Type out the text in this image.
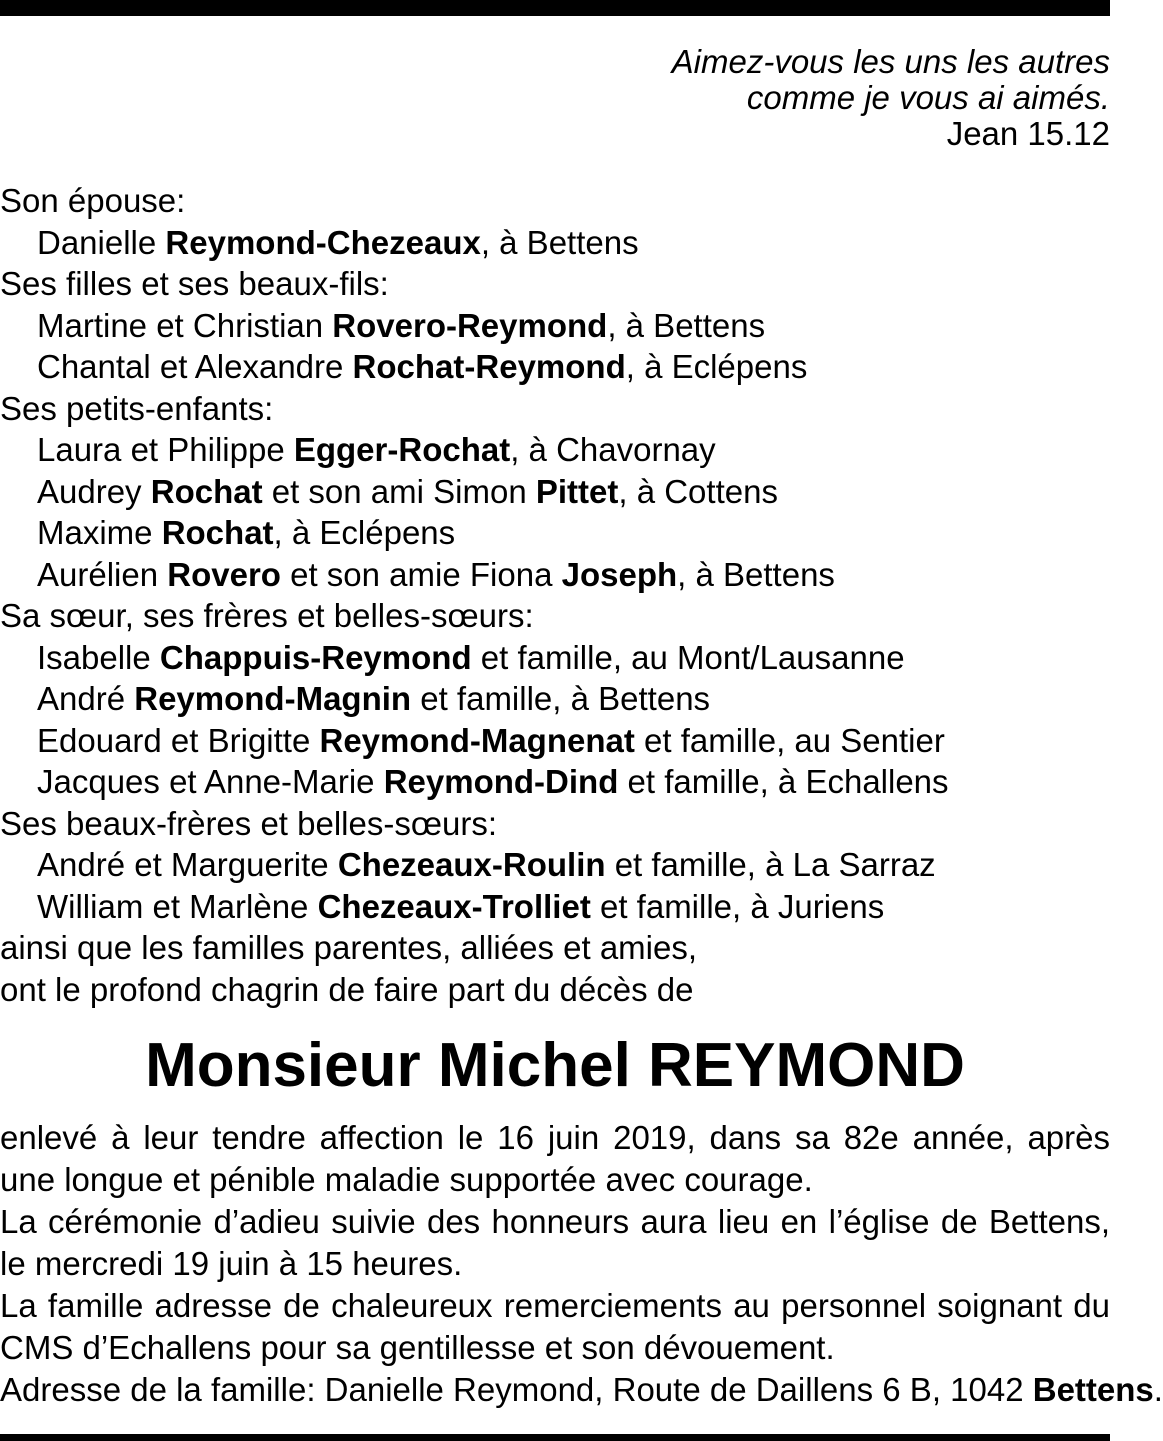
Aimez-vous les uns les autres
comme je vous ai aimés.
Jean 15.12
Son épouse:
Danielle Reymond-Chezeaux, à Bettens
Ses filles et ses beaux-fils:
Martine et Christian Rovero-Reymond, à Bettens
Chantal et Alexandre Rochat-Reymond, à Eclépens
Ses petits-enfants:
Laura et Philippe Egger-Rochat, à Chavornay
Audrey Rochat et son ami Simon Pittet, à Cottens
Maxime Rochat, à Eclépens
Aurélien Rovero et son amie Fiona Joseph, à Bettens
Sa sœur, ses frères et belles-sœurs:
Isabelle Chappuis-Reymond et famille, au Mont/Lausanne
André Reymond-Magnin et famille, à Bettens
Edouard et Brigitte Reymond-Magnenat et famille, au Sentier
Jacques et Anne-Marie Reymond-Dind et famille, à Echallens
Ses beaux-frères et belles-sœurs:
André et Marguerite Chezeaux-Roulin et famille, à La Sarraz
William et Marlène Chezeaux-Trolliet et famille, à Juriens
ainsi que les familles parentes, alliées et amies,
ont le profond chagrin de faire part du décès de
Monsieur Michel REYMOND
enlevé à leur tendre affection le 16 juin 2019, dans sa 82e année, après
une longue et pénible maladie supportée avec courage.
La cérémonie d’adieu suivie des honneurs aura lieu en l’église de Bettens,
le mercredi 19 juin à 15 heures.
La famille adresse de chaleureux remerciements au personnel soignant du
CMS d’Echallens pour sa gentillesse et son dévouement.
Adresse de la famille: Danielle Reymond, Route de Daillens 6 B, 1042 Bettens.
